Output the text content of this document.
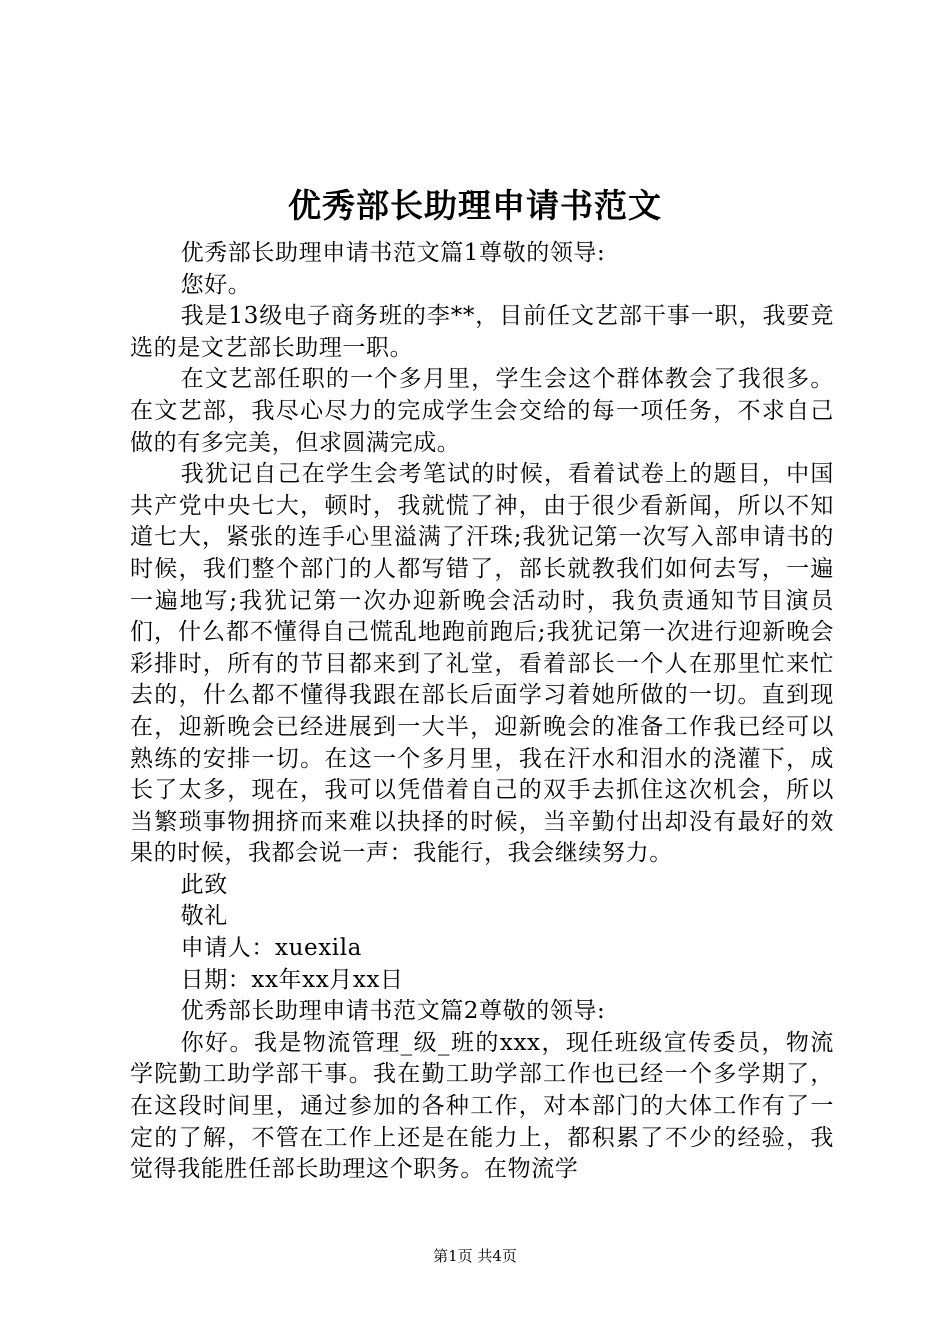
优秀部长助理申请书范文

优秀部长助理申请书范文篇1尊敬的领导:

您好。

我是13级电子商务班的李**，目前任文艺部干事一职，我要竞选的是文艺部长助理一职。

在文艺部任职的一个多月里，学生会这个群体教会了我很多。在文艺部，我尽心尽力的完成学生会交给的每一项任务，不求自己做的有多完美，但求圆满完成。

我犹记自己在学生会考笔试的时候，看着试卷上的题目，中国共产党中央七大，顿时，我就慌了神，由于很少看新闻，所以不知道七大，紧张的连手心里溢满了汗珠;我犹记第一次写入部申请书的时候，我们整个部门的人都写错了，部长就教我们如何去写，一遍一遍地写;我犹记第一次办迎新晚会活动时，我负责通知节目演员们，什么都不懂得自己慌乱地跑前跑后;我犹记第一次进行迎新晚会彩排时，所有的节目都来到了礼堂，看着部长一个人在那里忙来忙去的，什么都不懂得我跟在部长后面学习着她所做的一切。直到现在，迎新晚会已经进展到一大半，迎新晚会的准备工作我已经可以熟练的安排一切。在这一个多月里，我在汗水和泪水的浇灌下，成长了太多，现在，我可以凭借着自己的双手去抓住这次机会，所以当繁琐事物拥挤而来难以抉择的时候，当辛勤付出却没有最好的效果的时候，我都会说一声：我能行，我会继续努力。

此致

敬礼

申请人：xuexila

日期：xx年xx月xx日

优秀部长助理申请书范文篇2尊敬的领导:

你好。我是物流管理_级_班的xxx，现任班级宣传委员，物流学院勤工助学部干事。我在勤工助学部工作也已经一个多学期了，在这段时间里，通过参加的各种工作，对本部门的大体工作有了一定的了解，不管在工作上还是在能力上，都积累了不少的经验，我觉得我能胜任部长助理这个职务。在物流学

第1页 共4页
